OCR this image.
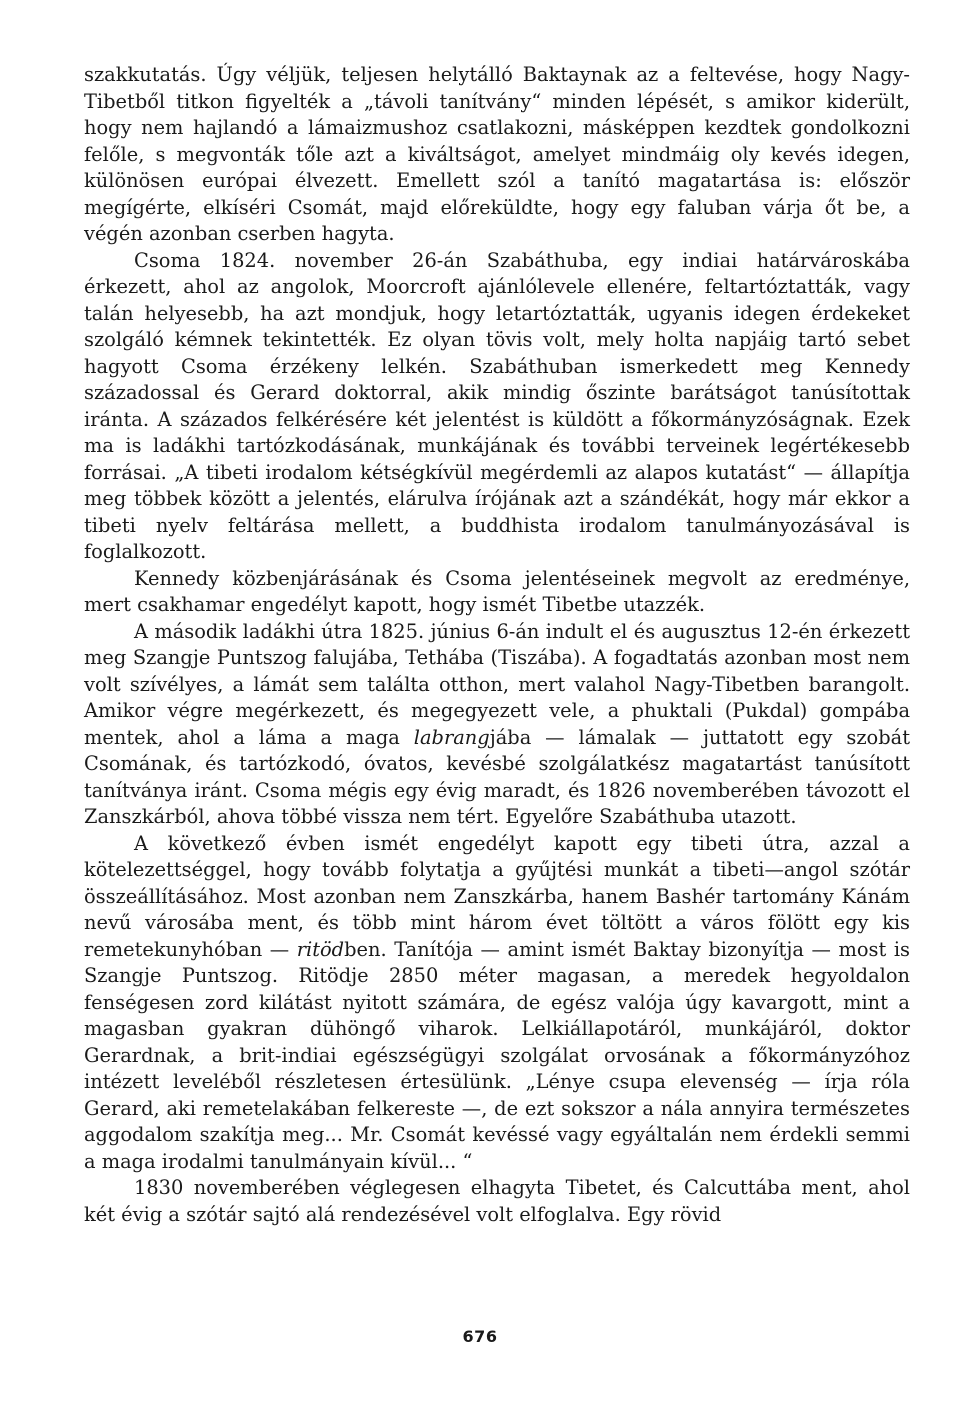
szakkutatás. Úgy véljük, teljesen helytálló Baktaynak az a feltevése, hogy Nagy-Tibetből titkon figyelték a „távoli tanítvány“ minden lépését, s amikor kiderült, hogy nem hajlandó a lámaizmushoz csatlakozni, másképpen kezdtek gondolkozni felőle, s megvonták tőle azt a kiváltságot, amelyet mindmáig oly kevés idegen, különösen európai élvezett. Emellett szól a tanító magatartása is: először megígérte, elkíséri Csomát, majd előreküldte, hogy egy faluban várja őt be, a végén azonban cserben hagyta.

Csoma 1824. november 26-án Szabáthuba, egy indiai határvároskába érkezett, ahol az angolok, Moorcroft ajánlólevele ellenére, feltartóztatták, vagy talán helyesebb, ha azt mondjuk, hogy letartóztatták, ugyanis idegen érdekeket szolgáló kémnek tekintették. Ez olyan tövis volt, mely holta napjáig tartó sebet hagyott Csoma érzékeny lelkén. Szabáthuban ismerkedett meg Kennedy századossal és Gerard doktorral, akik mindig őszinte barátságot tanúsítottak iránta. A százados felkérésére két jelentést is küldött a főkormányzóságnak. Ezek ma is ladákhi tartózkodásának, munkájának és további terveinek legértékesebb forrásai. „A tibeti irodalom kétségkívül megérdemli az alapos kutatást“ — állapítja meg többek között a jelentés, elárulva írójának azt a szándékát, hogy már ekkor a tibeti nyelv feltárása mellett, a buddhista irodalom tanulmányozásával is foglalkozott.

Kennedy közbenjárásának és Csoma jelentéseinek megvolt az eredménye, mert csakhamar engedélyt kapott, hogy ismét Tibetbe utazzék.

A második ladákhi útra 1825. június 6-án indult el és augusztus 12-én érkezett meg Szangje Puntszog falujába, Tethába (Tiszába). A fogadtatás azonban most nem volt szívélyes, a lámát sem találta otthon, mert valahol Nagy-Tibetben barangolt. Amikor végre megérkezett, és megegyezett vele, a phuktali (Pukdal) gompába mentek, ahol a láma a maga labrangjába — lámalak — juttatott egy szobát Csomának, és tartózkodó, óvatos, kevésbé szolgálatkész magatartást tanúsított tanítványa iránt. Csoma mégis egy évig maradt, és 1826 novemberében távozott el Zanszkárból, ahova többé vissza nem tért. Egyelőre Szabáthuba utazott.

A következő évben ismét engedélyt kapott egy tibeti útra, azzal a kötelezettséggel, hogy tovább folytatja a gyűjtési munkát a tibeti—angol szótár összeállításához. Most azonban nem Zanszkárba, hanem Bashér tartomány Kánám nevű városába ment, és több mint három évet töltött a város fölött egy kis remetekunyhóban — ritödben. Tanítója — amint ismét Baktay bizonyítja — most is Szangje Puntszog. Ritödje 2850 méter magasan, a meredek hegyoldalon fenségesen zord kilátást nyitott számára, de egész valója úgy kavargott, mint a magasban gyakran dühöngő viharok. Lelkiállapotáról, munkájáról, doktor Gerardnak, a brit-indiai egészségügyi szolgálat orvosának a főkormányzóhoz intézett leveléből részletesen értesülünk. „Lénye csupa elevenség — írja róla Gerard, aki remetelakában felkereste —, de ezt sokszor a nála annyira természetes aggodalom szakítja meg... Mr. Csomát kevéssé vagy egyáltalán nem érdekli semmi a maga irodalmi tanulmányain kívül... “

1830 novemberében véglegesen elhagyta Tibetet, és Calcuttába ment, ahol két évig a szótár sajtó alá rendezésével volt elfoglalva. Egy rövid

676
